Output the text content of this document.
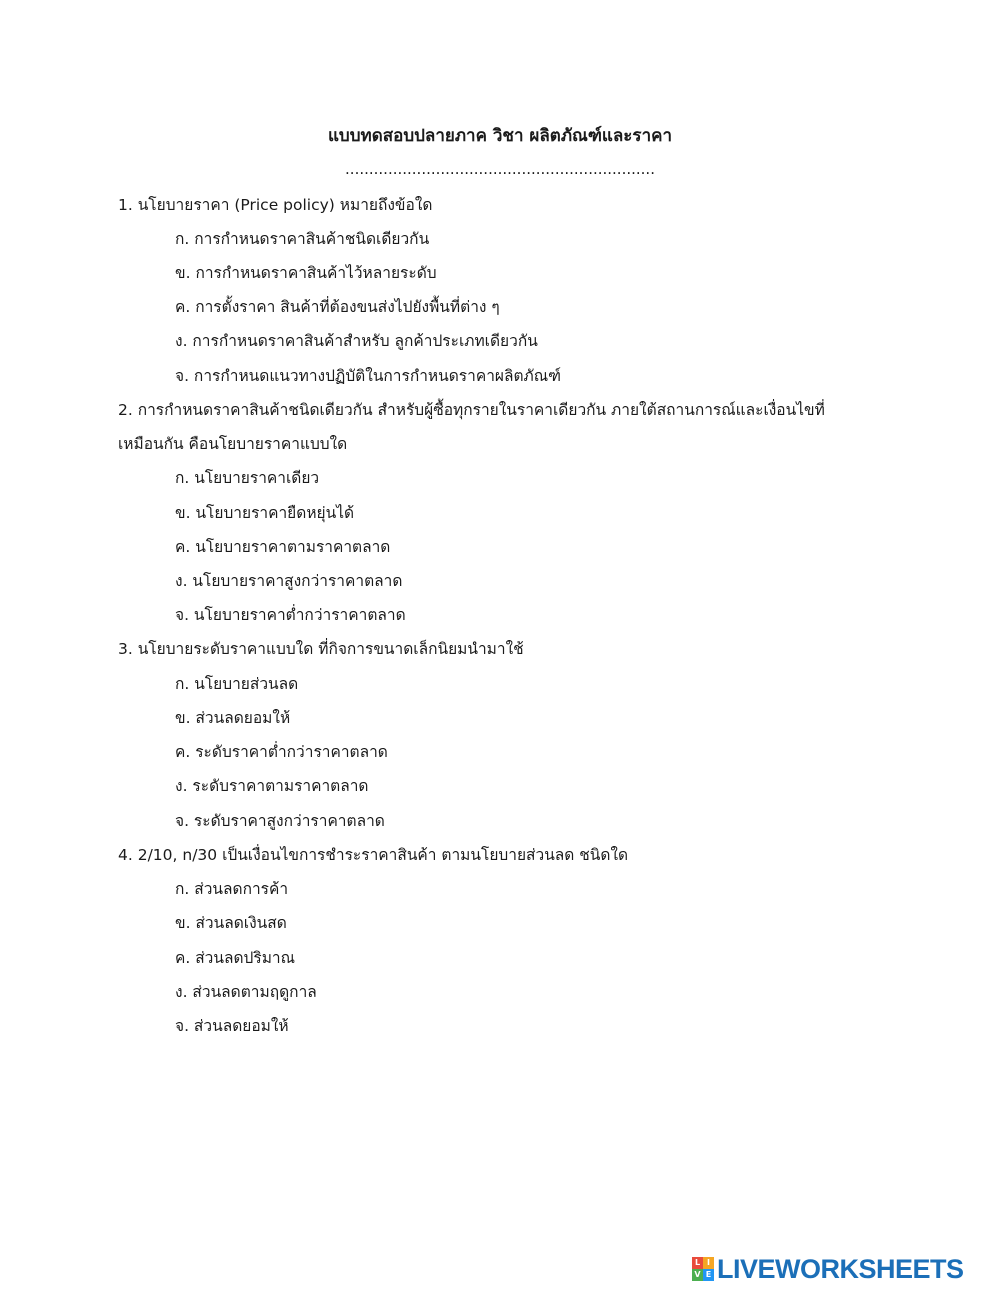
แบบทดสอบปลายภาค วิชา ผลิตภัณฑ์และราคา
.................................................................
1. นโยบายราคา (Price policy) หมายถึงข้อใด
ก. การกำหนดราคาสินค้าชนิดเดียวกัน
ข. การกำหนดราคาสินค้าไว้หลายระดับ
ค. การตั้งราคา สินค้าที่ต้องขนส่งไปยังพื้นที่ต่าง ๆ
ง. การกำหนดราคาสินค้าสำหรับ ลูกค้าประเภทเดียวกัน
จ. การกำหนดแนวทางปฏิบัติในการกำหนดราคาผลิตภัณฑ์
2. การกำหนดราคาสินค้าชนิดเดียวกัน สำหรับผู้ซื้อทุกรายในราคาเดียวกัน ภายใต้สถานการณ์และเงื่อนไขที่
เหมือนกัน คือนโยบายราคาแบบใด
ก. นโยบายราคาเดียว
ข. นโยบายราคายืดหยุ่นได้
ค. นโยบายราคาตามราคาตลาด
ง. นโยบายราคาสูงกว่าราคาตลาด
จ. นโยบายราคาต่ำกว่าราคาตลาด
3. นโยบายระดับราคาแบบใด ที่กิจการขนาดเล็กนิยมนำมาใช้
ก. นโยบายส่วนลด
ข. ส่วนลดยอมให้
ค. ระดับราคาต่ำกว่าราคาตลาด
ง. ระดับราคาตามราคาตลาด
จ. ระดับราคาสูงกว่าราคาตลาด
4. 2/10, n/30 เป็นเงื่อนไขการชำระราคาสินค้า ตามนโยบายส่วนลด ชนิดใด
ก. ส่วนลดการค้า
ข. ส่วนลดเงินสด
ค. ส่วนลดปริมาณ
ง. ส่วนลดตามฤดูกาล
จ. ส่วนลดยอมให้
L I
V E LIVEWORKSHEETS
